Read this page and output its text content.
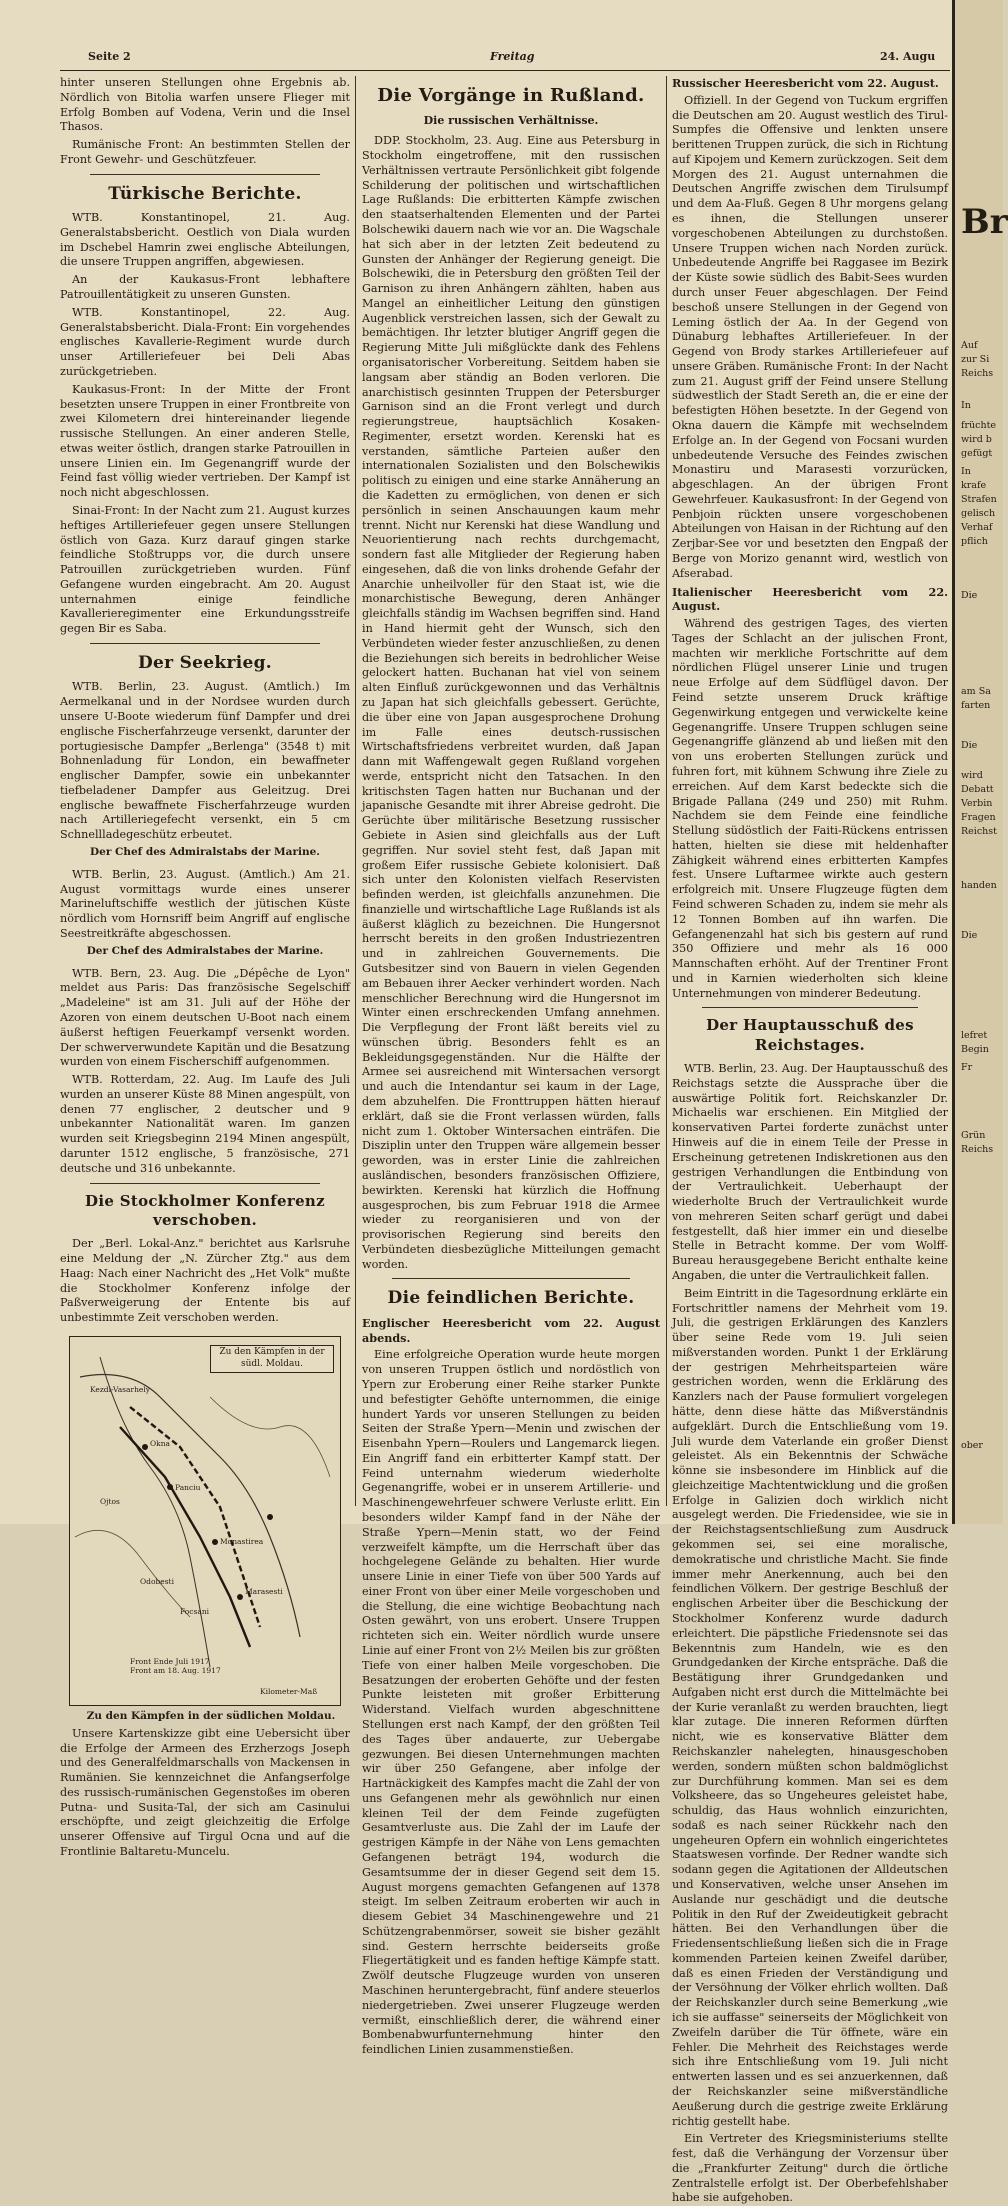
Seite 2	Freitag	24. Augu

hinter unseren Stellungen ohne Ergebnis ab. Nördlich von Bitolia warfen unsere Flieger mit Erfolg Bomben auf Vodena, Verin und die Insel Thasos.

Rumänische Front: An bestimmten Stellen der Front Gewehr- und Geschützfeuer.

Türkische Berichte.

WTB. Konstantinopel, 21. Aug. Generalstabsbericht. Oestlich von Diala wurden im Dschebel Hamrin zwei englische Abteilungen, die unsere Truppen angriffen, abgewiesen.

An der Kaukasus-Front lebhaftere Patrouillentätigkeit zu unseren Gunsten.

WTB. Konstantinopel, 22. Aug. Generalstabsbericht. Diala-Front: Ein vorgehendes englisches Kavallerie-Regiment wurde durch unser Artilleriefeuer bei Deli Abas zurückgetrieben.

Kaukasus-Front: In der Mitte der Front besetzten unsere Truppen in einer Frontbreite von zwei Kilometern drei hintereinander liegende russische Stellungen. An einer anderen Stelle, etwas weiter östlich, drangen starke Patrouillen in unsere Linien ein. Im Gegenangriff wurde der Feind fast völlig wieder vertrieben. Der Kampf ist noch nicht abgeschlossen.

Sinai-Front: In der Nacht zum 21. August kurzes heftiges Artilleriefeuer gegen unsere Stellungen östlich von Gaza. Kurz darauf gingen starke feindliche Stoßtrupps vor, die durch unsere Patrouillen zurückgetrieben wurden. Fünf Gefangene wurden eingebracht. Am 20. August unternahmen einige feindliche Kavallerieregimenter eine Erkundungsstreife gegen Bir es Saba.

Der Seekrieg.

WTB. Berlin, 23. August. (Amtlich.) Im Aermelkanal und in der Nordsee wurden durch unsere U-Boote wiederum fünf Dampfer und drei englische Fischerfahrzeuge versenkt, darunter der portugiesische Dampfer „Berlenga" (3548 t) mit Bohnenladung für London, ein bewaffneter englischer Dampfer, sowie ein unbekannter tiefbeladener Dampfer aus Geleitzug. Drei englische bewaffnete Fischerfahrzeuge wurden nach Artilleriegefecht versenkt, ein 5 cm Schnellladegeschütz erbeutet.

Der Chef des Admiralstabs der Marine.

WTB. Berlin, 23. August. (Amtlich.) Am 21. August vormittags wurde eines unserer Marineluftschiffe westlich der jütischen Küste nördlich vom Hornsriff beim Angriff auf englische Seestreitkräfte abgeschossen.

Der Chef des Admiralstabes der Marine.

WTB. Bern, 23. Aug. Die „Dépêche de Lyon" meldet aus Paris: Das französische Segelschiff „Madeleine" ist am 31. Juli auf der Höhe der Azoren von einem deutschen U-Boot nach einem äußerst heftigen Feuerkampf versenkt worden. Der schwerverwundete Kapitän und die Besatzung wurden von einem Fischerschiff aufgenommen.

WTB. Rotterdam, 22. Aug. Im Laufe des Juli wurden an unserer Küste 88 Minen angespült, von denen 77 englischer, 2 deutscher und 9 unbekannter Nationalität waren. Im ganzen wurden seit Kriegsbeginn 2194 Minen angespült, darunter 1512 englische, 5 französische, 271 deutsche und 316 unbekannte.

Die Stockholmer Konferenz verschoben.

Der „Berl. Lokal-Anz." berichtet aus Karlsruhe eine Meldung der „N. Zürcher Ztg." aus dem Haag: Nach einer Nachricht des „Het Volk" mußte die Stockholmer Konferenz infolge der Paßverweigerung der Entente bis auf unbestimmte Zeit verschoben werden.

Zu den Kämpfen in der südl. Moldau.
Kezdi-Vasarhely
Okna
Ojtos
Monastirea
Marasesti
Focsani
Odobesti
Panciu
Front Ende Juli 1917
Front am 18. Aug. 1917
Kilometer-Maß

Zu den Kämpfen in der südlichen Moldau.

Unsere Kartenskizze gibt eine Uebersicht über die Erfolge der Armeen des Erzherzogs Joseph und des Generalfeldmarschalls von Mackensen in Rumänien. Sie kennzeichnet die Anfangserfolge des russisch-rumänischen Gegenstoßes im oberen Putna- und Susita-Tal, der sich am Casinului erschöpfte, und zeigt gleichzeitig die Erfolge unserer Offensive auf Tirgul Ocna und auf die Frontlinie Baltaretu-Muncelu.

Die Vorgänge in Rußland.
Die russischen Verhältnisse.

DDP. Stockholm, 23. Aug. Eine aus Petersburg in Stockholm eingetroffene, mit den russischen Verhältnissen vertraute Persönlichkeit gibt folgende Schilderung der politischen und wirtschaftlichen Lage Rußlands: Die erbitterten Kämpfe zwischen den staatserhaltenden Elementen und der Partei Bolschewiki dauern nach wie vor an. Die Wagschale hat sich aber in der letzten Zeit bedeutend zu Gunsten der Anhänger der Regierung geneigt. Die Bolschewiki, die in Petersburg den größten Teil der Garnison zu ihren Anhängern zählten, haben aus Mangel an einheitlicher Leitung den günstigen Augenblick verstreichen lassen, sich der Gewalt zu bemächtigen. Ihr letzter blutiger Angriff gegen die Regierung Mitte Juli mißglückte dank des Fehlens organisatorischer Vorbereitung. Seitdem haben sie langsam aber ständig an Boden verloren. Die anarchistisch gesinnten Truppen der Petersburger Garnison sind an die Front verlegt und durch regierungstreue, hauptsächlich Kosaken-Regimenter, ersetzt worden. Kerenski hat es verstanden, sämtliche Parteien außer den internationalen Sozialisten und den Bolschewikis politisch zu einigen und eine starke Annäherung an die Kadetten zu ermöglichen, von denen er sich persönlich in seinen Anschauungen kaum mehr trennt. Nicht nur Kerenski hat diese Wandlung und Neuorientierung nach rechts durchgemacht, sondern fast alle Mitglieder der Regierung haben eingesehen, daß die von links drohende Gefahr der Anarchie unheilvoller für den Staat ist, wie die monarchistische Bewegung, deren Anhänger gleichfalls ständig im Wachsen begriffen sind. Hand in Hand hiermit geht der Wunsch, sich den Verbündeten wieder fester anzuschließen, zu denen die Beziehungen sich bereits in bedrohlicher Weise gelockert hatten. Buchanan hat viel von seinem alten Einfluß zurückgewonnen und das Verhältnis zu Japan hat sich gleichfalls gebessert. Gerüchte, die über eine von Japan ausgesprochene Drohung im Falle eines deutsch-russischen Wirtschaftsfriedens verbreitet wurden, daß Japan dann mit Waffengewalt gegen Rußland vorgehen werde, entspricht nicht den Tatsachen. In den kritischsten Tagen hatten nur Buchanan und der japanische Gesandte mit ihrer Abreise gedroht. Die Gerüchte über militärische Besetzung russischer Gebiete in Asien sind gleichfalls aus der Luft gegriffen. Nur soviel steht fest, daß Japan mit großem Eifer russische Gebiete kolonisiert. Daß sich unter den Kolonisten vielfach Reservisten befinden werden, ist gleichfalls anzunehmen. Die finanzielle und wirtschaftliche Lage Rußlands ist als äußerst kläglich zu bezeichnen. Die Hungersnot herrscht bereits in den großen Industriezentren und in zahlreichen Gouvernements. Die Gutsbesitzer sind von Bauern in vielen Gegenden am Bebauen ihrer Aecker verhindert worden. Nach menschlicher Berechnung wird die Hungersnot im Winter einen erschreckenden Umfang annehmen. Die Verpflegung der Front läßt bereits viel zu wünschen übrig. Besonders fehlt es an Bekleidungsgegenständen. Nur die Hälfte der Armee sei ausreichend mit Wintersachen versorgt und auch die Intendantur sei kaum in der Lage, dem abzuhelfen. Die Fronttruppen hätten hierauf erklärt, daß sie die Front verlassen würden, falls nicht zum 1. Oktober Wintersachen einträfen. Die Disziplin unter den Truppen wäre allgemein besser geworden, was in erster Linie die zahlreichen ausländischen, besonders französischen Offiziere, bewirkten. Kerenski hat kürzlich die Hoffnung ausgesprochen, bis zum Februar 1918 die Armee wieder zu reorganisieren und von der provisorischen Regierung sind bereits den Verbündeten diesbezügliche Mitteilungen gemacht worden.

Die feindlichen Berichte.

Englischer Heeresbericht vom 22. August abends.

Eine erfolgreiche Operation wurde heute morgen von unseren Truppen östlich und nordöstlich von Ypern zur Eroberung einer Reihe starker Punkte und befestigter Gehöfte unternommen, die einige hundert Yards vor unseren Stellungen zu beiden Seiten der Straße Ypern—Menin und zwischen der Eisenbahn Ypern—Roulers und Langemarck liegen. Ein Angriff fand ein erbitterter Kampf statt. Der Feind unternahm wiederum wiederholte Gegenangriffe, wobei er in unserem Artillerie- und Maschinengewehrfeuer schwere Verluste erlitt. Ein besonders wilder Kampf fand in der Nähe der Straße Ypern—Menin statt, wo der Feind verzweifelt kämpfte, um die Herrschaft über das hochgelegene Gelände zu behalten. Hier wurde unsere Linie in einer Tiefe von über 500 Yards auf einer Front von über einer Meile vorgeschoben und die Stellung, die eine wichtige Beobachtung nach Osten gewährt, von uns erobert. Unsere Truppen richteten sich ein. Weiter nördlich wurde unsere Linie auf einer Front von 2½ Meilen bis zur größten Tiefe von einer halben Meile vorgeschoben. Die Besatzungen der eroberten Gehöfte und der festen Punkte leisteten mit großer Erbitterung Widerstand. Vielfach wurden abgeschnittene Stellungen erst nach Kampf, der den größten Teil des Tages über andauerte, zur Uebergabe gezwungen. Bei diesen Unternehmungen machten wir über 250 Gefangene, aber infolge der Hartnäckigkeit des Kampfes macht die Zahl der von uns Gefangenen mehr als gewöhnlich nur einen kleinen Teil der dem Feinde zugefügten Gesamtverluste aus. Die Zahl der im Laufe der gestrigen Kämpfe in der Nähe von Lens gemachten Gefangenen beträgt 194, wodurch die Gesamtsumme der in dieser Gegend seit dem 15. August morgens gemachten Gefangenen auf 1378 steigt. Im selben Zeitraum eroberten wir auch in diesem Gebiet 34 Maschinengewehre und 21 Schützengrabenmörser, soweit sie bisher gezählt sind. Gestern herrschte beiderseits große Fliegertätigkeit und es fanden heftige Kämpfe statt. Zwölf deutsche Flugzeuge wurden von unseren Maschinen heruntergebracht, fünf andere steuerlos niedergetrieben. Zwei unserer Flugzeuge werden vermißt, einschließlich derer, die während einer Bombenabwurfunternehmung hinter den feindlichen Linien zusammenstießen.

Russischer Heeresbericht vom 22. August.

Offiziell. In der Gegend von Tuckum ergriffen die Deutschen am 20. August westlich des Tirul-Sumpfes die Offensive und lenkten unsere berittenen Truppen zurück, die sich in Richtung auf Kipojem und Kemern zurückzogen. Seit dem Morgen des 21. August unternahmen die Deutschen Angriffe zwischen dem Tirulsumpf und dem Aa-Fluß. Gegen 8 Uhr morgens gelang es ihnen, die Stellungen unserer vorgeschobenen Abteilungen zu durchstoßen. Unsere Truppen wichen nach Norden zurück. Unbedeutende Angriffe bei Raggasee im Bezirk der Küste sowie südlich des Babit-Sees wurden durch unser Feuer abgeschlagen. Der Feind beschoß unsere Stellungen in der Gegend von Leming östlich der Aa. In der Gegend von Dünaburg lebhaftes Artilleriefeuer. In der Gegend von Brody starkes Artilleriefeuer auf unsere Gräben. Rumänische Front: In der Nacht zum 21. August griff der Feind unsere Stellung südwestlich der Stadt Sereth an, die er eine der befestigten Höhen besetzte. In der Gegend von Okna dauern die Kämpfe mit wechselndem Erfolge an. In der Gegend von Focsani wurden unbedeutende Versuche des Feindes zwischen Monastiru und Marasesti vorzurücken, abgeschlagen. An der übrigen Front Gewehrfeuer. Kaukasusfront: In der Gegend von Penbjoin rückten unsere vorgeschobenen Abteilungen von Haisan in der Richtung auf den Zerjbar-See vor und besetzten den Engpaß der Berge von Morizo genannt wird, westlich von Afserabad.

Italienischer Heeresbericht vom 22. August.

Während des gestrigen Tages, des vierten Tages der Schlacht an der julischen Front, machten wir merkliche Fortschritte auf dem nördlichen Flügel unserer Linie und trugen neue Erfolge auf dem Südflügel davon. Der Feind setzte unserem Druck kräftige Gegenwirkung entgegen und verwickelte keine Gegenangriffe. Unsere Truppen schlugen seine Gegenangriffe glänzend ab und ließen mit den von uns eroberten Stellungen zurück und fuhren fort, mit kühnem Schwung ihre Ziele zu erreichen. Auf dem Karst bedeckte sich die Brigade Pallana (249 und 250) mit Ruhm. Nachdem sie dem Feinde eine feindliche Stellung südöstlich der Faiti-Rückens entrissen hatten, hielten sie diese mit heldenhafter Zähigkeit während eines erbitterten Kampfes fest. Unsere Luftarmee wirkte auch gestern erfolgreich mit. Unsere Flugzeuge fügten dem Feind schweren Schaden zu, indem sie mehr als 12 Tonnen Bomben auf ihn warfen. Die Gefangenenzahl hat sich bis gestern auf rund 350 Offiziere und mehr als 16 000 Mannschaften erhöht. Auf der Trentiner Front und in Karnien wiederholten sich kleine Unternehmungen von minderer Bedeutung.

Der Hauptausschuß des Reichstages.

WTB. Berlin, 23. Aug. Der Hauptausschuß des Reichstags setzte die Aussprache über die auswärtige Politik fort. Reichskanzler Dr. Michaelis war erschienen. Ein Mitglied der konservativen Partei forderte zunächst unter Hinweis auf die in einem Teile der Presse in Erscheinung getretenen Indiskretionen aus den gestrigen Verhandlungen die Entbindung von der Vertraulichkeit. Ueberhaupt der wiederholte Bruch der Vertraulichkeit wurde von mehreren Seiten scharf gerügt und dabei festgestellt, daß hier immer ein und dieselbe Stelle in Betracht komme. Der vom Wolff-Bureau herausgegebene Bericht enthalte keine Angaben, die unter die Vertraulichkeit fallen.

Beim Eintritt in die Tagesordnung erklärte ein Fortschrittler namens der Mehrheit vom 19. Juli, die gestrigen Erklärungen des Kanzlers über seine Rede vom 19. Juli seien mißverstanden worden. Punkt 1 der Erklärung der gestrigen Mehrheitsparteien wäre gestrichen worden, wenn die Erklärung des Kanzlers nach der Pause formuliert vorgelegen hätte, denn diese hätte das Mißverständnis aufgeklärt. Durch die Entschließung vom 19. Juli wurde dem Vaterlande ein großer Dienst geleistet. Als ein Bekenntnis der Schwäche könne sie insbesondere im Hinblick auf die gleichzeitige Machtentwicklung und die großen Erfolge in Galizien doch wirklich nicht ausgelegt werden. Die Friedensidee, wie sie in der Reichstagsentschließung zum Ausdruck gekommen sei, sei eine moralische, demokratische und christliche Macht. Sie finde immer mehr Anerkennung, auch bei den feindlichen Völkern. Der gestrige Beschluß der englischen Arbeiter über die Beschickung der Stockholmer Konferenz wurde dadurch erleichtert. Die päpstliche Friedensnote sei das Bekenntnis zum Handeln, wie es den Grundgedanken der Kirche entspräche. Daß die Bestätigung ihrer Grundgedanken und Aufgaben nicht erst durch die Mittelmächte bei der Kurie veranlaßt zu werden brauchten, liegt klar zutage. Die inneren Reformen dürften nicht, wie es konservative Blätter dem Reichskanzler nahelegten, hinausgeschoben werden, sondern müßten schon baldmöglichst zur Durchführung kommen. Man sei es dem Volksheere, das so Ungeheures geleistet habe, schuldig, das Haus wohnlich einzurichten, sodaß es nach seiner Rückkehr nach den ungeheuren Opfern ein wohnlich eingerichtetes Staatswesen vorfinde. Der Redner wandte sich sodann gegen die Agitationen der Alldeutschen und Konservativen, welche unser Ansehen im Auslande nur geschädigt und die deutsche Politik in den Ruf der Zweideutigkeit gebracht hätten. Bei den Verhandlungen über die Friedensentschließung ließen sich die in Frage kommenden Parteien keinen Zweifel darüber, daß es einen Frieden der Verständigung und der Versöhnung der Völker ehrlich wollten. Daß der Reichskanzler durch seine Bemerkung „wie ich sie auffasse" seinerseits der Möglichkeit von Zweifeln darüber die Tür öffnete, wäre ein Fehler. Die Mehrheit des Reichstages werde sich ihre Entschließung vom 19. Juli nicht entwerten lassen und es sei anzuerkennen, daß der Reichskanzler seine mißverständliche Aeußerung durch die gestrige zweite Erklärung richtig gestellt habe.

Ein Vertreter des Kriegsministeriums stellte fest, daß die Verhängung der Vorzensur über die „Frankfurter Zeitung" durch die örtliche Zentralstelle erfolgt ist. Der Oberbefehlshaber habe sie aufgehoben.

Br
Auf
zur Si
Reichs
In
früchte
wird b
gefügt
In
krafe
Strafen
gelisch
Verhaf
pflich
Die
am Sa
farten
Die
wird
Debatt
Verbin
Fragen
Reichst
handen
Die
lefret
Begin
Fr
Grün
Reichs
ober
